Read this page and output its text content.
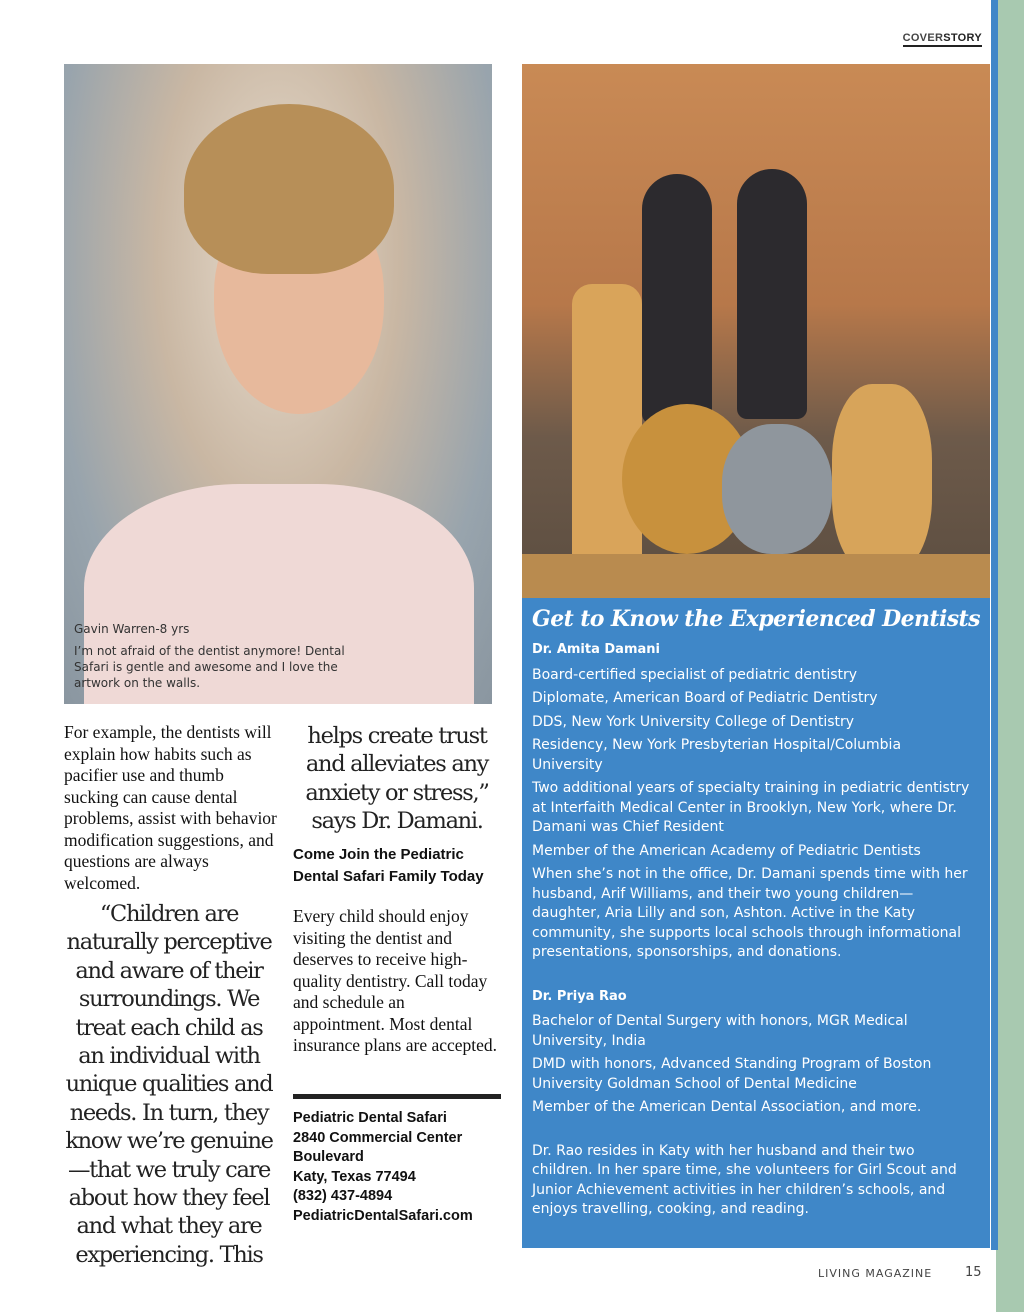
COVERSTORY
Gavin Warren-8 yrs
I’m not afraid of the dentist anymore! Dental Safari is gentle and awesome and I love the artwork on the walls.
Get to Know the Experienced Dentists
Dr. Amita Damani

Board-certified specialist of pediatric dentistry

Diplomate, American Board of Pediatric Dentistry

DDS, New York University College of Dentistry

Residency, New York Presbyterian Hospital/Columbia University

Two additional years of specialty training in pediatric dentistry at Interfaith Medical Center in Brooklyn, New York, where Dr. Damani was Chief Resident

Member of the American Academy of Pediatric Dentists

When she’s not in the office, Dr. Damani spends time with her husband, Arif Williams, and their two young children—daughter, Aria Lilly and son, Ashton. Active in the Katy community, she supports local schools through informational presentations, sponsorships, and donations.

Dr. Priya Rao

Bachelor of Dental Surgery with honors, MGR Medical University, India

DMD with honors, Advanced Standing Program of Boston University Goldman School of Dental Medicine

Member of the American Dental Association, and more.

Dr. Rao resides in Katy with her husband and their two children. In her spare time, she volunteers for Girl Scout and Junior Achievement activities in her children’s schools, and enjoys travelling, cooking, and reading.

For example, the dentists will explain how habits such as pacifier use and thumb sucking can cause dental problems, assist with behavior modification suggestions, and questions are always welcomed.
“Children are naturally perceptive and aware of their surroundings. We treat each child as an individual with unique qualities and needs. In turn, they know we’re genuine—that we truly care about how they feel and what they are experiencing. This
helps create trust and alleviates any anxiety or stress,” says Dr. Damani.
Come Join the Pediatric Dental Safari Family Today
Every child should enjoy visiting the dentist and deserves to receive high-quality dentistry. Call today and schedule an appointment. Most dental insurance plans are accepted.
Pediatric Dental Safari
2840 Commercial Center Boulevard
Katy, Texas 77494
(832) 437-4894
PediatricDentalSafari.com
LIVING MAGAZINE	15
